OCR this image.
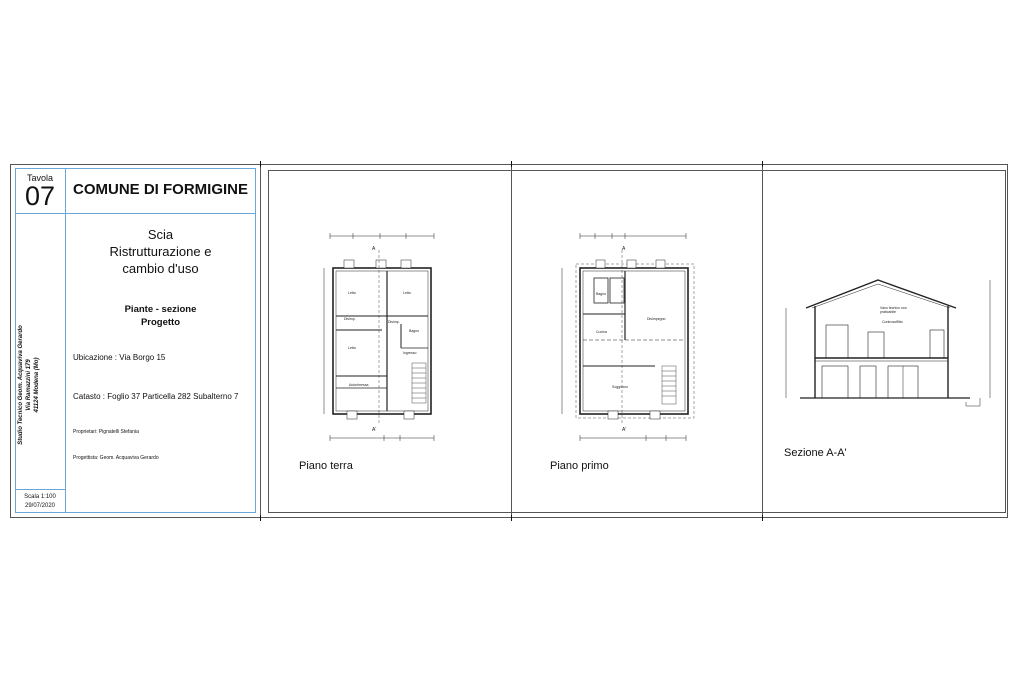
Tavola
07	COMUNE DI FORMIGINE
Studio Tecnico Geom. Acquaviva Gerardo Via Ramazzini 179 41124 Modena (Mo)
Scala 1:100
29/07/2020
Scia
Ristrutturazione e
cambio d'uso
Piante - sezione
Progetto
Ubicazione : Via Borgo 15
Catasto : Foglio 37 Particella 282 Subalterno 7
Proprietari: Pignatelli Stefania
Progettista: Geom. Acquaviva Gerardo
A
Letto	Letto
Disimp.
Disimp.
Letto
Ingresso
Bagno
Autorimessa
A'
A
Bagno
Disimpegno
Cucina
Soggiorno
A'
Vano tecnico non
praticabile
Controsoffitto
Piano terra	Piano primo
Sezione A-A'
